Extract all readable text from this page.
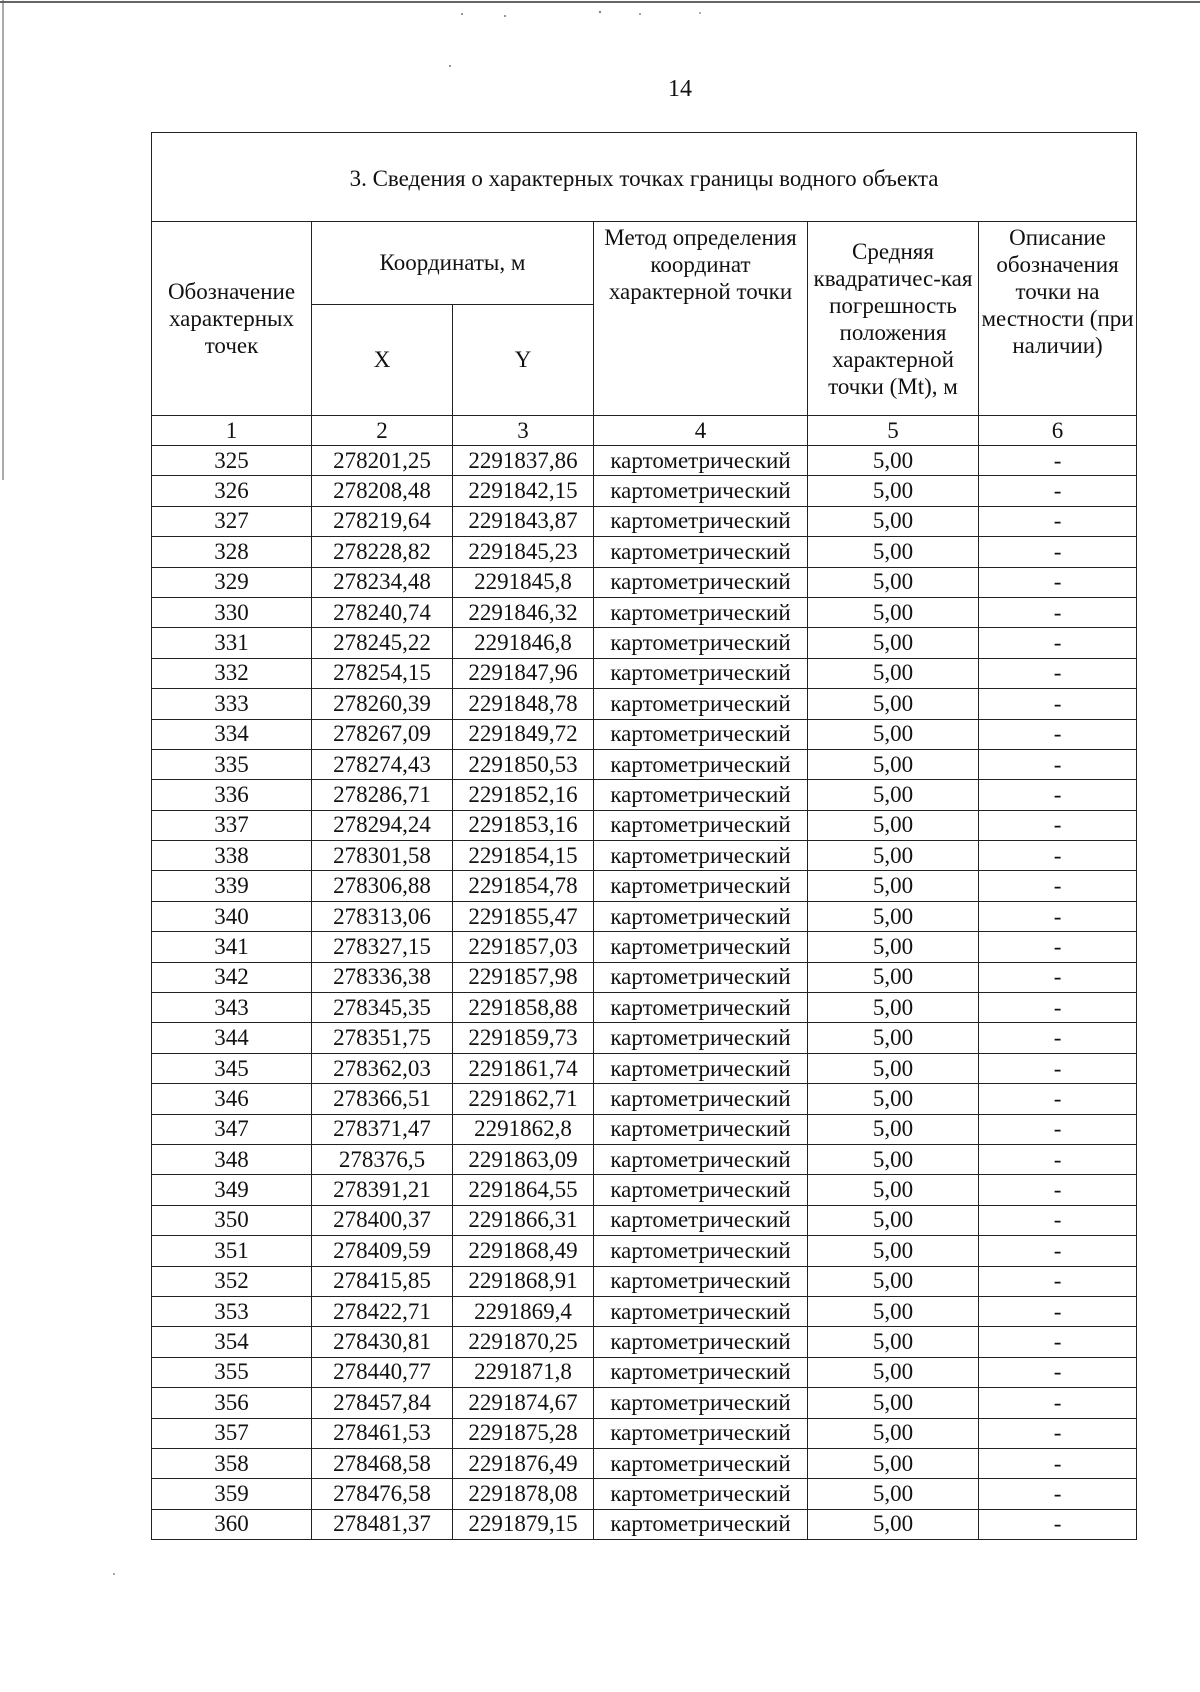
14
3. Сведения о характерных точках границы водного объекта					
Обозначение характерных точек	Координаты, м		Метод определения координат характерной точки	Средняя квадратичес-кая погрешность положения характерной точки (Mt), м	Описание обозначения точки на местности (при наличии)
	X	Y			
1	2	3	4	5	6
325	278201,25	2291837,86	картометрический	5,00	-
326	278208,48	2291842,15	картометрический	5,00	-
327	278219,64	2291843,87	картометрический	5,00	-
328	278228,82	2291845,23	картометрический	5,00	-
329	278234,48	2291845,8	картометрический	5,00	-
330	278240,74	2291846,32	картометрический	5,00	-
331	278245,22	2291846,8	картометрический	5,00	-
332	278254,15	2291847,96	картометрический	5,00	-
333	278260,39	2291848,78	картометрический	5,00	-
334	278267,09	2291849,72	картометрический	5,00	-
335	278274,43	2291850,53	картометрический	5,00	-
336	278286,71	2291852,16	картометрический	5,00	-
337	278294,24	2291853,16	картометрический	5,00	-
338	278301,58	2291854,15	картометрический	5,00	-
339	278306,88	2291854,78	картометрический	5,00	-
340	278313,06	2291855,47	картометрический	5,00	-
341	278327,15	2291857,03	картометрический	5,00	-
342	278336,38	2291857,98	картометрический	5,00	-
343	278345,35	2291858,88	картометрический	5,00	-
344	278351,75	2291859,73	картометрический	5,00	-
345	278362,03	2291861,74	картометрический	5,00	-
346	278366,51	2291862,71	картометрический	5,00	-
347	278371,47	2291862,8	картометрический	5,00	-
348	278376,5	2291863,09	картометрический	5,00	-
349	278391,21	2291864,55	картометрический	5,00	-
350	278400,37	2291866,31	картометрический	5,00	-
351	278409,59	2291868,49	картометрический	5,00	-
352	278415,85	2291868,91	картометрический	5,00	-
353	278422,71	2291869,4	картометрический	5,00	-
354	278430,81	2291870,25	картометрический	5,00	-
355	278440,77	2291871,8	картометрический	5,00	-
356	278457,84	2291874,67	картометрический	5,00	-
357	278461,53	2291875,28	картометрический	5,00	-
358	278468,58	2291876,49	картометрический	5,00	-
359	278476,58	2291878,08	картометрический	5,00	-
360	278481,37	2291879,15	картометрический	5,00	-
